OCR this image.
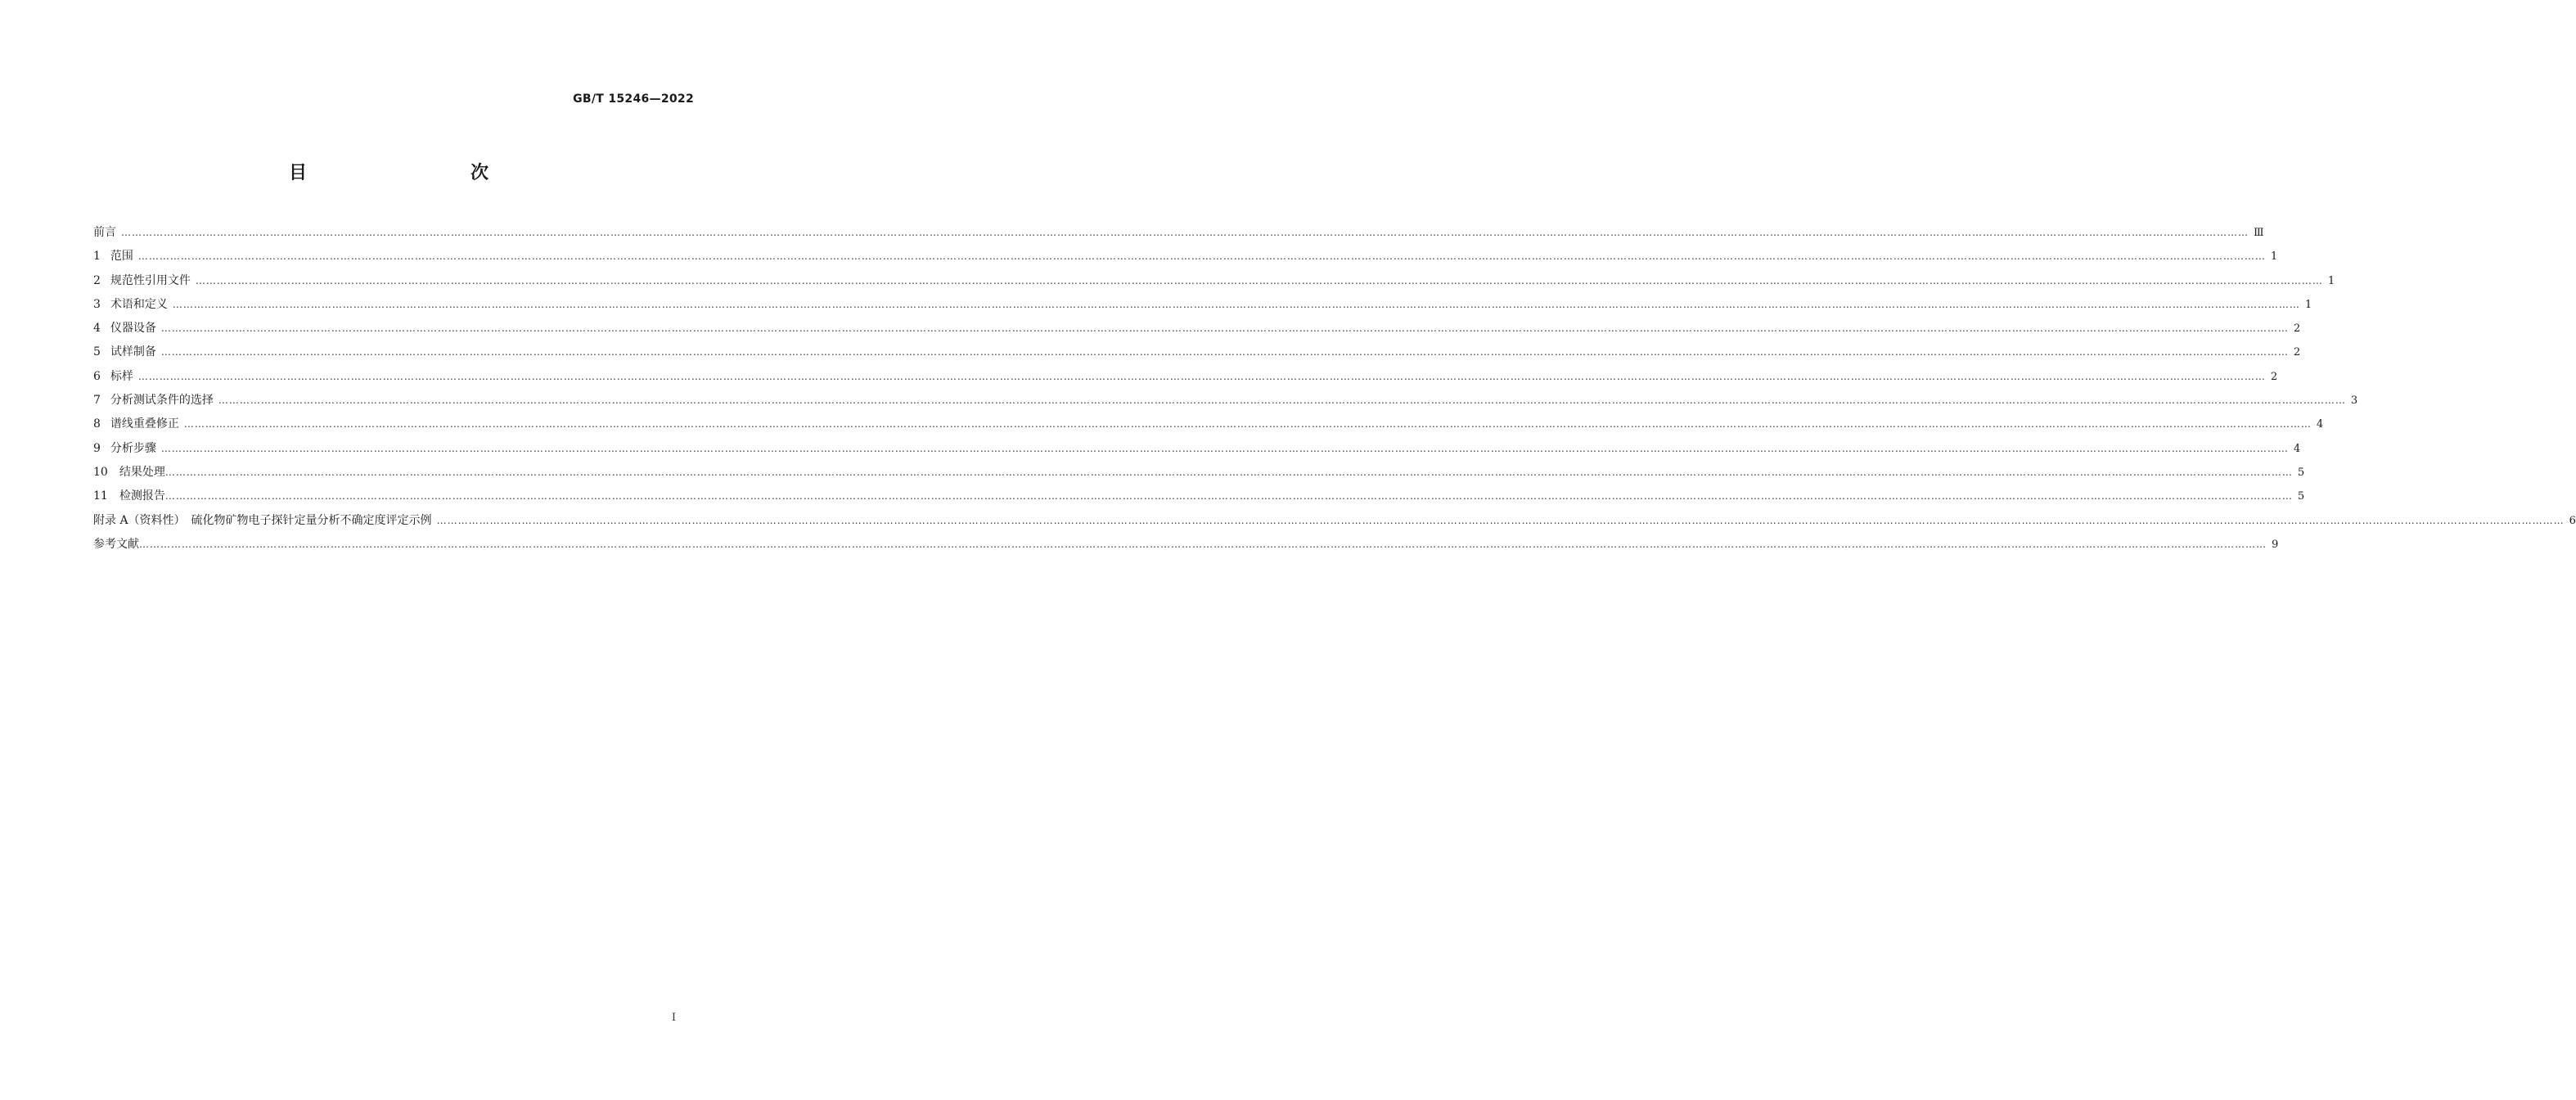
GB/T 15246—2022
目　　次
前言 …………………………………………………………………………………………………………………………………………………………………………………………………………………………………………………………………………………………………………………………………………………………………………………………………………………………………………………………………………………………………………………………………………………… Ⅲ
1 范围 …………………………………………………………………………………………………………………………………………………………………………………………………………………………………………………………………………………………………………………………………………………………………………………………………………………………………………………………………………………………………………………………………………………… 1
2 规范性引用文件 …………………………………………………………………………………………………………………………………………………………………………………………………………………………………………………………………………………………………………………………………………………………………………………………………………………………………………………………………………………………………………………………………………………… 1
3 术语和定义 …………………………………………………………………………………………………………………………………………………………………………………………………………………………………………………………………………………………………………………………………………………………………………………………………………………………………………………………………………………………………………………………………………………… 1
4 仪器设备 …………………………………………………………………………………………………………………………………………………………………………………………………………………………………………………………………………………………………………………………………………………………………………………………………………………………………………………………………………………………………………………………………………………… 2
5 试样制备 …………………………………………………………………………………………………………………………………………………………………………………………………………………………………………………………………………………………………………………………………………………………………………………………………………………………………………………………………………………………………………………………………………………… 2
6 标样 …………………………………………………………………………………………………………………………………………………………………………………………………………………………………………………………………………………………………………………………………………………………………………………………………………………………………………………………………………………………………………………………………………………… 2
7 分析测试条件的选择 …………………………………………………………………………………………………………………………………………………………………………………………………………………………………………………………………………………………………………………………………………………………………………………………………………………………………………………………………………………………………………………………………………………… 3
8 谱线重叠修正 …………………………………………………………………………………………………………………………………………………………………………………………………………………………………………………………………………………………………………………………………………………………………………………………………………………………………………………………………………………………………………………………………………………… 4
9 分析步骤 …………………………………………………………………………………………………………………………………………………………………………………………………………………………………………………………………………………………………………………………………………………………………………………………………………………………………………………………………………………………………………………………………………………… 4
10 结果处理 …………………………………………………………………………………………………………………………………………………………………………………………………………………………………………………………………………………………………………………………………………………………………………………………………………………………………………………………………………………………………………………………………………………… 5
11 检测报告 …………………………………………………………………………………………………………………………………………………………………………………………………………………………………………………………………………………………………………………………………………………………………………………………………………………………………………………………………………………………………………………………………………………… 5
附录 A（资料性）　硫化物矿物电子探针定量分析不确定度评定示例 …………………………………………………………………………………………………………………………………………………………………………………………………………………………………………………………………………………………………………………………………………………………………………………………………………………………………………………………………………………………………………………………………………………… 6
参考文献 …………………………………………………………………………………………………………………………………………………………………………………………………………………………………………………………………………………………………………………………………………………………………………………………………………………………………………………………………………………………………………………………………………………… 9
I
